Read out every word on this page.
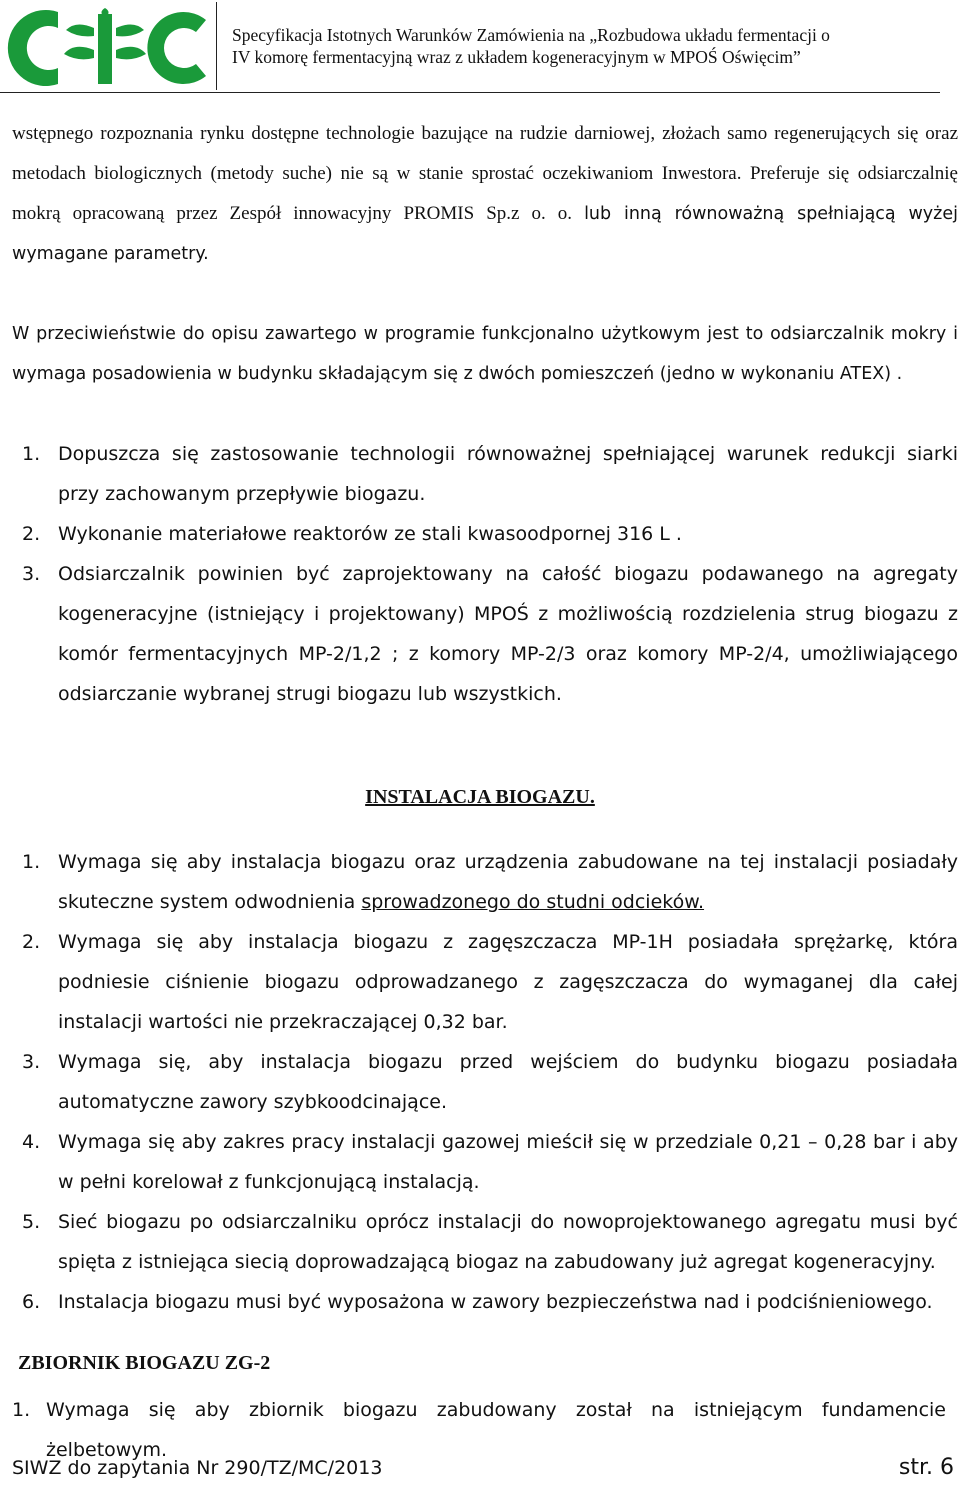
Specyfikacja Istotnych Warunków Zamówienia na „Rozbudowa układu fermentacji o
IV komorę fermentacyjną wraz z układem kogeneracyjnym w MPOŚ Oświęcim”
wstępnego rozpoznania rynku dostępne technologie bazujące na rudzie darniowej, złożach samo regenerujących się oraz metodach biologicznych (metody suche) nie są w stanie sprostać oczekiwaniom Inwestora. Preferuje się odsiarczalnię mokrą opracowaną przez Zespół innowacyjny PROMIS Sp.z o. o. lub inną równoważną spełniającą wyżej wymagane parametry.
W przeciwieństwie do opisu zawartego w programie funkcjonalno użytkowym jest to odsiarczalnik mokry i wymaga posadowienia w budynku składającym się z dwóch pomieszczeń (jedno w wykonaniu ATEX) .
1. Dopuszcza się zastosowanie technologii równoważnej spełniającej warunek redukcji siarki przy zachowanym przepływie biogazu.
2. Wykonanie materiałowe reaktorów ze stali kwasoodpornej 316 L .
3. Odsiarczalnik powinien być zaprojektowany na całość biogazu podawanego na agregaty kogeneracyjne (istniejący i projektowany) MPOŚ z możliwością rozdzielenia strug biogazu z komór fermentacyjnych MP-2/1,2 ; z komory MP-2/3 oraz komory MP-2/4, umożliwiającego odsiarczanie wybranej strugi biogazu lub wszystkich.
INSTALACJA BIOGAZU.
1. Wymaga się aby instalacja biogazu oraz urządzenia zabudowane na tej instalacji posiadały skuteczne system odwodnienia sprowadzonego do studni odcieków.
2. Wymaga się aby instalacja biogazu z zagęszczacza MP-1H posiadała sprężarkę, która podniesie ciśnienie biogazu odprowadzanego z zagęszczacza do wymaganej dla całej instalacji wartości nie przekraczającej 0,32 bar.
3. Wymaga się, aby instalacja biogazu przed wejściem do budynku biogazu posiadała automatyczne zawory szybkoodcinające.
4. Wymaga się aby zakres pracy instalacji gazowej mieścił się w przedziale 0,21 – 0,28 bar i aby w pełni korelował z funkcjonującą instalacją.
5. Sieć biogazu po odsiarczalniku oprócz instalacji do nowoprojektowanego agregatu musi być spięta z istniejąca siecią doprowadzającą biogaz na zabudowany już agregat kogeneracyjny.
6. Instalacja biogazu musi być wyposażona w zawory bezpieczeństwa nad i podciśnieniowego.
ZBIORNIK BIOGAZU ZG-2
1. Wymaga się aby zbiornik biogazu zabudowany został na istniejącym fundamencie żelbetowym.
SIWZ do zapytania Nr 290/TZ/MC/2013	str. 6
